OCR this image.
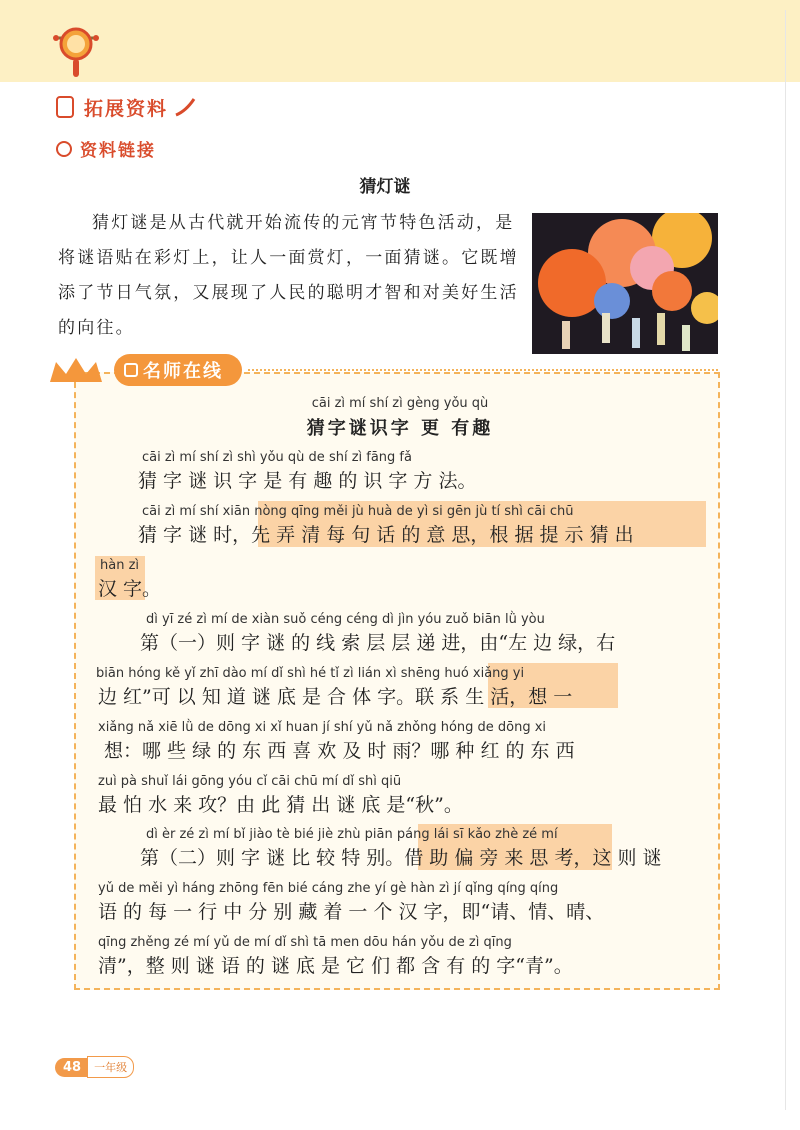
拓展资料
资料链接
猜灯谜

猜灯谜是从古代就开始流传的元宵节特色活动，是将谜语贴在彩灯上，让人一面赏灯，一面猜谜。它既增添了节日气氛，又展现了人民的聪明才智和对美好生活的向往。

名师在线
cāi zì mí shí zì gèng yǒu qù
猜字谜识字 更 有趣
cāi zì mí shí zì shì yǒu qù de shí zì fāng fǎ
猜 字 谜 识 字 是 有 趣 的 识 字 方 法。
cāi zì mí shí xiān nòng qīng měi jù huà de yì si gēn jù tí shì cāi chū
猜 字 谜 时，先 弄 清 每 句 话 的 意 思，根 据 提 示 猜 出
hàn zì
汉 字。
dì yī zé zì mí de xiàn suǒ céng céng dì jìn yóu zuǒ biān lǜ yòu
第（一）则 字 谜 的 线 索 层 层 递 进，由“左 边 绿，右
biān hóng kě yǐ zhī dào mí dǐ shì hé tǐ zì lián xì shēng huó xiǎng yi
边 红”可 以 知 道 谜 底 是 合 体 字。联 系 生 活，想 一
xiǎng nǎ xiē lǜ de dōng xi xǐ huan jí shí yǔ nǎ zhǒng hóng de dōng xi
想：哪 些 绿 的 东 西 喜 欢 及 时 雨？哪 种 红 的 东 西
zuì pà shuǐ lái gōng yóu cǐ cāi chū mí dǐ shì qiū
最 怕 水 来 攻？由 此 猜 出 谜 底 是“秋”。
dì èr zé zì mí bǐ jiào tè bié jiè zhù piān páng lái sī kǎo zhè zé mí
第（二）则 字 谜 比 较 特 别。借 助 偏 旁 来 思 考，这 则 谜
yǔ de měi yì háng zhōng fēn bié cáng zhe yí gè hàn zì jí qǐng qíng qíng
语 的 每 一 行 中 分 别 藏 着 一 个 汉 字，即“请、情、晴、
qīng zhěng zé mí yǔ de mí dǐ shì tā men dōu hán yǒu de zì qīng
清”，整 则 谜 语 的 谜 底 是 它 们 都 含 有 的 字“青”。
48	一年级
